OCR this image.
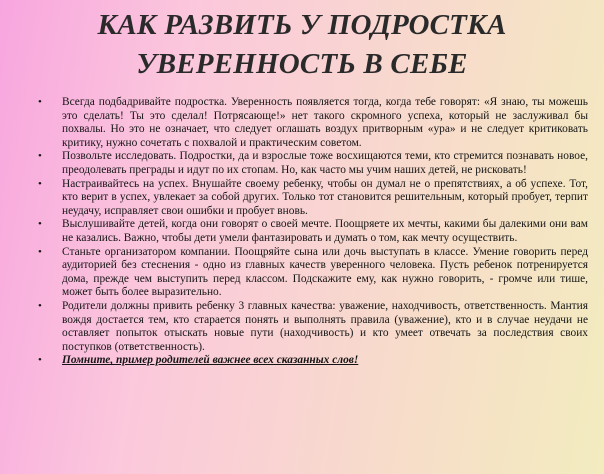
КАК РАЗВИТЬ У ПОДРОСТКА
УВЕРЕННОСТЬ В СЕБЕ
• Всегда подбадривайте подростка. Уверенность появляется тогда, когда тебе говорят: «Я знаю, ты можешь это сделать! Ты это сделал! Потрясающе!» нет такого скромного успеха, который не заслуживал бы похвалы. Но это не означает, что следует оглашать воздух притворным «ура» и не следует критиковать критику, нужно сочетать с похвалой и практическим советом.
• Позвольте исследовать. Подростки, да и взрослые тоже восхищаются теми, кто стремится познавать новое, преодолевать преграды и идут по их стопам. Но, как часто мы учим наших детей, не рисковать!
• Настраивайтесь на успех. Внушайте своему ребенку, чтобы он думал не о препятствиях, а об успехе. Тот, кто верит в успех, увлекает за собой других. Только тот становится решительным, который пробует, терпит неудачу, исправляет свои ошибки и пробует вновь.
• Выслушивайте детей, когда они говорят о своей мечте. Поощряете их мечты, какими бы далекими они вам не казались. Важно, чтобы дети умели фантазировать и думать о том, как мечту осуществить.
• Станьте организатором компании. Поощряйте сына или дочь выступать в классе. Умение говорить перед аудиторией без стеснения - одно из главных качеств уверенного человека. Пусть ребенок потренируется дома, прежде чем выступить перед классом. Подскажите ему, как нужно говорить, - громче или тише, может быть более выразительно.
• Родители должны привить ребенку 3 главных качества: уважение, находчивость, ответственность. Мантия вождя достается тем, кто старается понять и выполнять правила (уважение), кто и в случае неудачи не оставляет попыток отыскать новые пути (находчивость) и кто умеет отвечать за последствия своих поступков (ответственность).
• Помните, пример родителей важнее всех сказанных слов!
